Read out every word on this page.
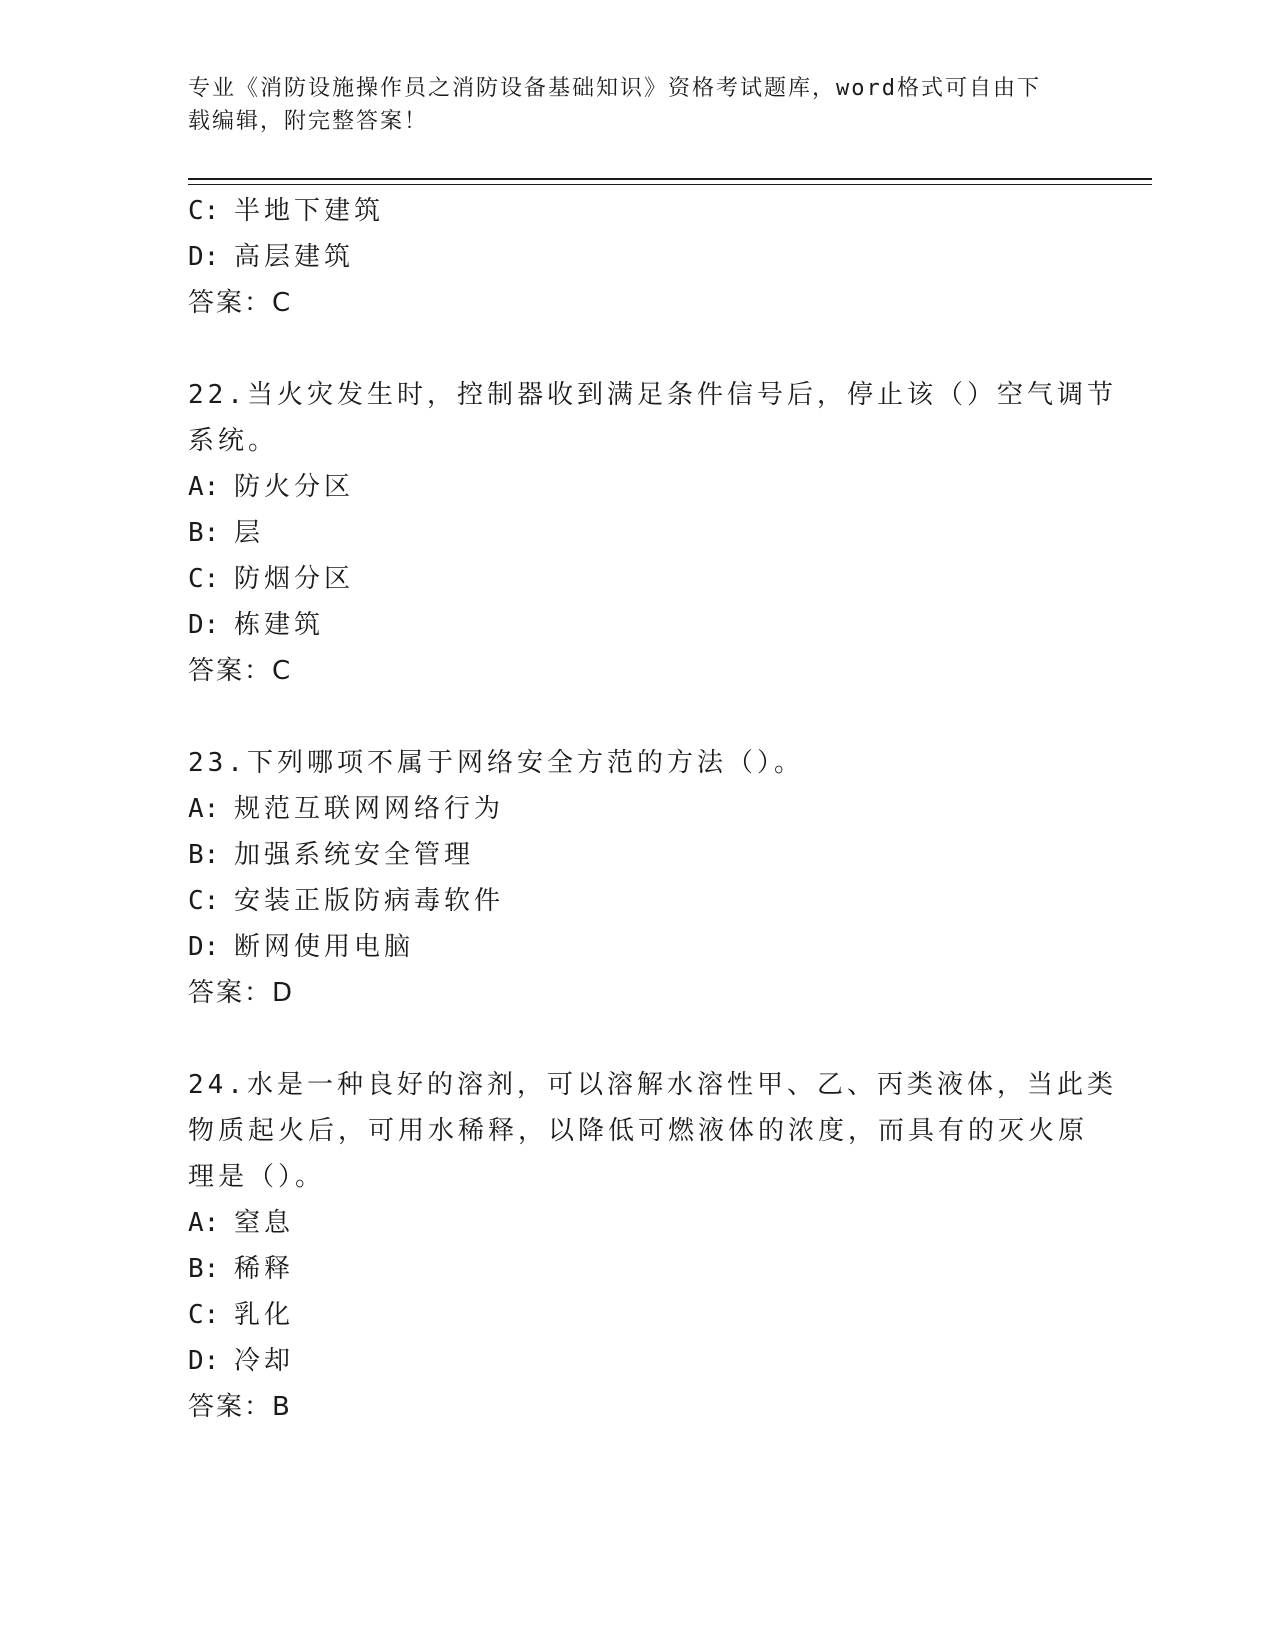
专业《消防设施操作员之消防设备基础知识》资格考试题库，word格式可自由下
载编辑，附完整答案！
C: 半地下建筑
D: 高层建筑
答案：C
22.当火灾发生时，控制器收到满足条件信号后，停止该（）空气调节
系统。
A: 防火分区
B: 层
C: 防烟分区
D: 栋建筑
答案：C
23.下列哪项不属于网络安全方范的方法（）。
A: 规范互联网网络行为
B: 加强系统安全管理
C: 安装正版防病毒软件
D: 断网使用电脑
答案：D
24.水是一种良好的溶剂，可以溶解水溶性甲、乙、丙类液体，当此类
物质起火后，可用水稀释，以降低可燃液体的浓度，而具有的灭火原
理是（）。
A: 窒息
B: 稀释
C: 乳化
D: 冷却
答案：B
